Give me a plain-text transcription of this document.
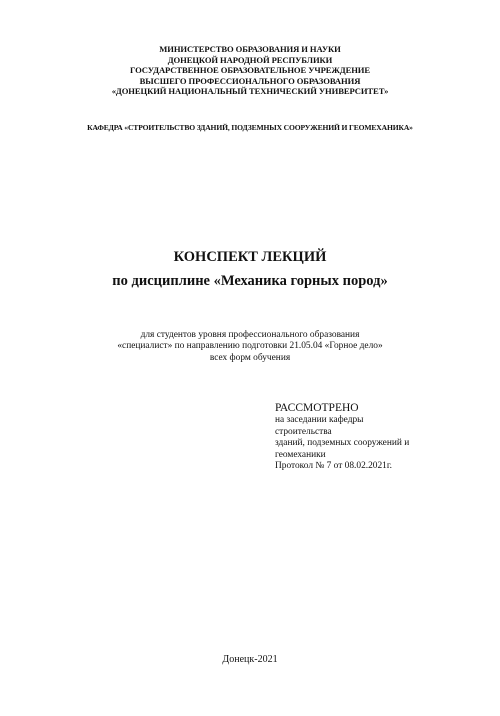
МИНИСТЕРСТВО ОБРАЗОВАНИЯ И НАУКИ
ДОНЕЦКОЙ НАРОДНОЙ РЕСПУБЛИКИ
ГОСУДАРСТВЕННОЕ ОБРАЗОВАТЕЛЬНОЕ УЧРЕЖДЕНИЕ
ВЫСШЕГО ПРОФЕССИОНАЛЬНОГО ОБРАЗОВАНИЯ
«ДОНЕЦКИЙ НАЦИОНАЛЬНЫЙ ТЕХНИЧЕСКИЙ УНИВЕРСИТЕТ»
КАФЕДРА «СТРОИТЕЛЬСТВО ЗДАНИЙ, ПОДЗЕМНЫХ СООРУЖЕНИЙ И ГЕОМЕХАНИКА»
КОНСПЕКТ ЛЕКЦИЙ
по дисциплине «Механика горных пород»
для студентов уровня профессионального образования
«специалист» по направлению подготовки 21.05.04 «Горное дело»
всех форм обучения
РАССМОТРЕНО
на заседании кафедры
строительства
зданий, подземных сооружений и
геомеханики
Протокол № 7 от 08.02.2021г.
Донецк-2021
